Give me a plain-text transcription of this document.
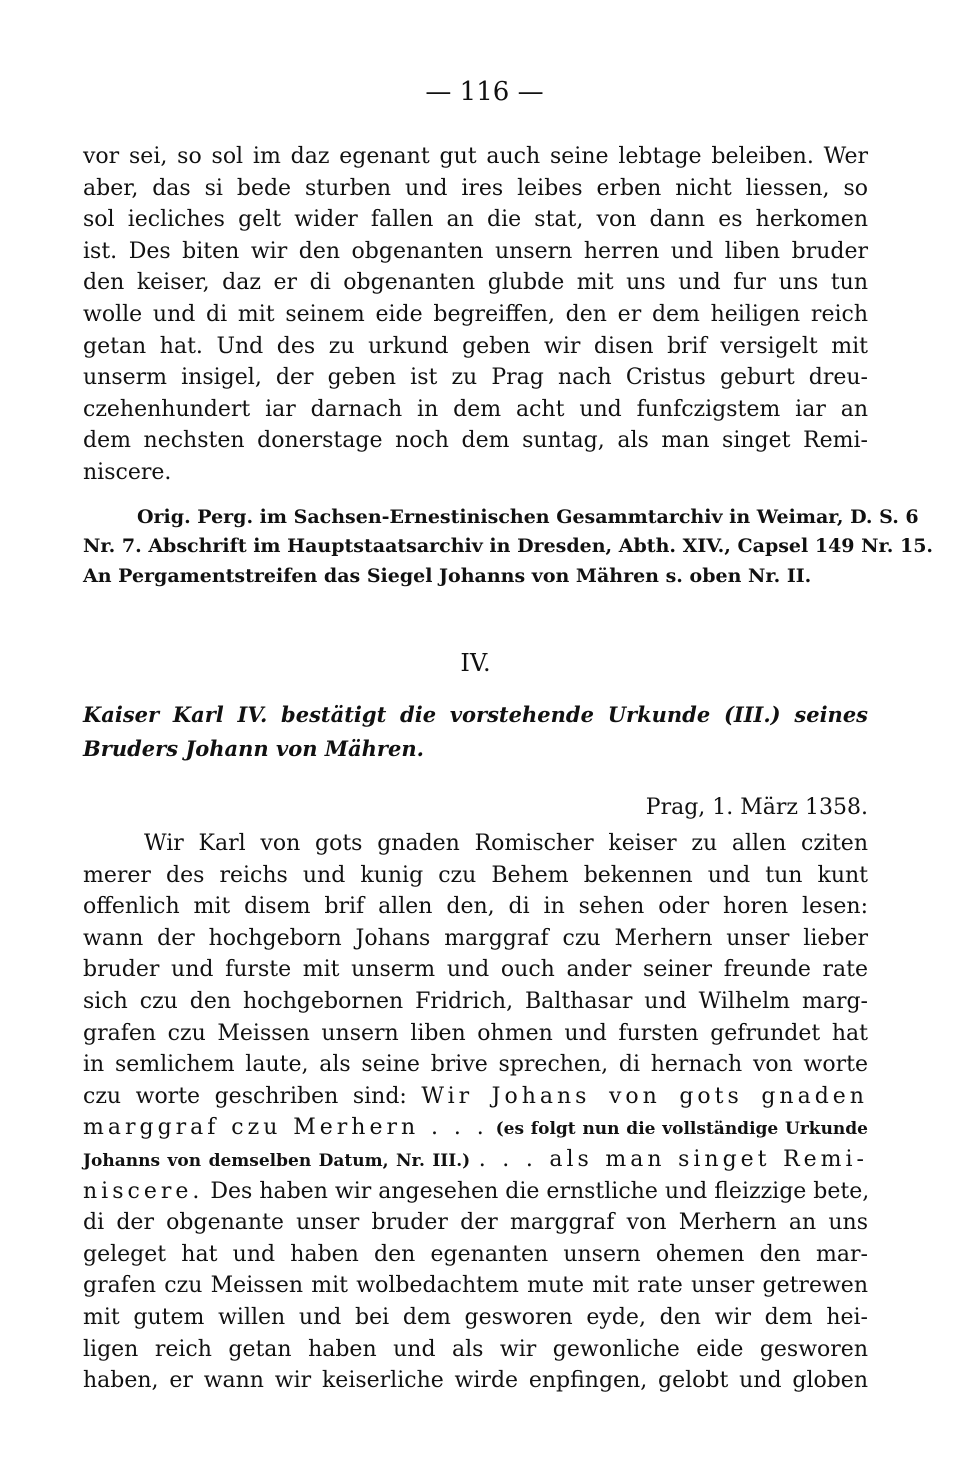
— 116 —
vor sei, so sol im daz egenant gut auch seine lebtage beleiben. Wer
aber, das si bede sturben und ires leibes erben nicht liessen, so
sol iecliches gelt wider fallen an die stat, von dann es herkomen
ist. Des biten wir den obgenanten unsern herren und liben bruder
den keiser, daz er di obgenanten glubde mit uns und fur uns tun
wolle und di mit seinem eide begreiffen, den er dem heiligen reich
getan hat. Und des zu urkund geben wir disen brif versigelt mit
unserm insigel, der geben ist zu Prag nach Cristus geburt dreu-
czehenhundert iar darnach in dem acht und funfczigstem iar an
dem nechsten donerstage noch dem suntag, als man singet Remi-
niscere.
Orig. Perg. im Sachsen-Ernestinischen Gesammtarchiv in Weimar, D. S. 6
Nr. 7. Abschrift im Hauptstaatsarchiv in Dresden, Abth. XIV., Capsel 149 Nr. 15.
An Pergamentstreifen das Siegel Johanns von Mähren s. oben Nr. II.
IV.
Kaiser Karl IV. bestätigt die vorstehende Urkunde (III.) seines
Bruders Johann von Mähren.
Prag, 1. März 1358.
Wir Karl von gots gnaden Romischer keiser zu allen cziten
merer des reichs und kunig czu Behem bekennen und tun kunt
offenlich mit disem brif allen den, di in sehen oder horen lesen:
wann der hochgeborn Johans marggraf czu Merhern unser lieber
bruder und furste mit unserm und ouch ander seiner freunde rate
sich czu den hochgebornen Fridrich, Balthasar und Wilhelm marg-
grafen czu Meissen unsern liben ohmen und fursten gefrundet hat
in semlichem laute, als seine brive sprechen, di hernach von worte
czu worte geschriben sind: Wir Johans von gots gnaden
marggraf czu Merhern . . . (es folgt nun die vollständige Urkunde
Johanns von demselben Datum, Nr. III.) . . . als man singet Remi-
niscere. Des haben wir angesehen die ernstliche und fleizzige bete,
di der obgenante unser bruder der marggraf von Merhern an uns
geleget hat und haben den egenanten unsern ohemen den mar-
grafen czu Meissen mit wolbedachtem mute mit rate unser getrewen
mit gutem willen und bei dem gesworen eyde, den wir dem hei-
ligen reich getan haben und als wir gewonliche eide gesworen
haben, er wann wir keiserliche wirde enpfingen, gelobt und globen
